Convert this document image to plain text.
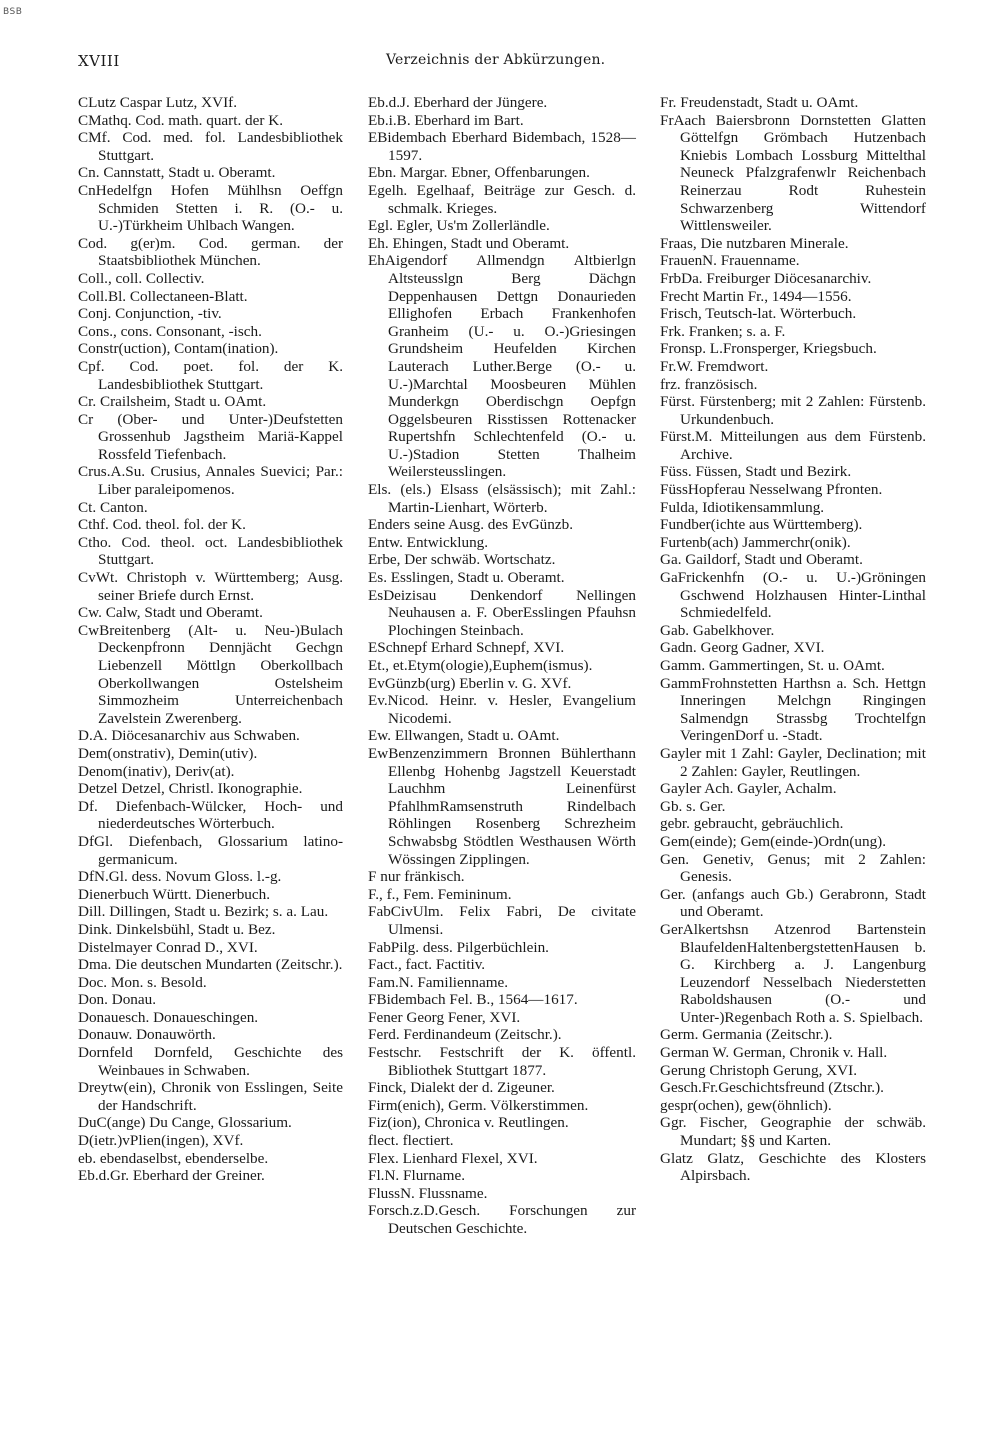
BSB
XVIII	Verzeichnis der Abkürzungen.

CLutz Caspar Lutz, XVIf.

CMathq. Cod. math. quart. der K.

CMf. Cod. med. fol. Landesbibliothek Stuttgart.

Cn. Cannstatt, Stadt u. Oberamt.

CnHedelfgn Hofen Mühlhsn Oeffgn Schmiden Stetten i. R. (O.- u. U.-)Türkheim Uhlbach Wangen.

Cod. g(er)m. Cod. german. der Staatsbibliothek München.

Coll., coll. Collectiv.

Coll.Bl. Collectaneen-Blatt.

Conj. Conjunction, -tiv.

Cons., cons. Consonant, -isch.

Constr(uction), Contam(ination).

Cpf. Cod. poet. fol. der K. Landesbibliothek Stuttgart.

Cr. Crailsheim, Stadt u. OAmt.

Cr (Ober- und Unter-)Deufstetten Grossenhub Jagstheim Mariä-Kappel Rossfeld Tiefenbach.

Crus.A.Su. Crusius, Annales Suevici; Par.: Liber paraleipomenos.

Ct. Canton.

Cthf. Cod. theol. fol. der K.

Ctho. Cod. theol. oct. Landesbibliothek Stuttgart.

CvWt. Christoph v. Württemberg; Ausg. seiner Briefe durch Ernst.

Cw. Calw, Stadt und Oberamt.

CwBreitenberg (Alt- u. Neu-)Bulach Deckenpfronn Dennjächt Gechgn Liebenzell Möttlgn Oberkollbach Oberkollwangen Ostelsheim Simmozheim Unterreichenbach Zavelstein Zwerenberg.

D.A. Diöcesanarchiv aus Schwaben.

Dem(onstrativ), Demin(utiv).

Denom(inativ), Deriv(at).

Detzel Detzel, Christl. Ikonographie.

Df. Diefenbach-Wülcker, Hoch- und niederdeutsches Wörterbuch.

DfGl. Diefenbach, Glossarium latino-germanicum.

DfN.Gl. dess. Novum Gloss. l.-g.

Dienerbuch Württ. Dienerbuch.

Dill. Dillingen, Stadt u. Bezirk; s. a. Lau.

Dink. Dinkelsbühl, Stadt u. Bez.

Distelmayer Conrad D., XVI.

Dma. Die deutschen Mundarten (Zeitschr.).

Doc. Mon. s. Besold.

Don. Donau.

Donauesch. Donaueschingen.

Donauw. Donauwörth.

Dornfeld Dornfeld, Geschichte des Weinbaues in Schwaben.

Dreytw(ein), Chronik von Esslingen, Seite der Handschrift.

DuC(ange) Du Cange, Glossarium.

D(ietr.)vPlien(ingen), XVf.

eb. ebendaselbst, ebenderselbe.

Eb.d.Gr. Eberhard der Greiner.

Eb.d.J. Eberhard der Jüngere.

Eb.i.B. Eberhard im Bart.

EBidembach Eberhard Bidembach, 1528—1597.

Ebn. Margar. Ebner, Offenbarungen.

Egelh. Egelhaaf, Beiträge zur Gesch. d. schmalk. Krieges.

Egl. Egler, Us'm Zollerländle.

Eh. Ehingen, Stadt und Oberamt.

EhAigendorf Allmendgn Altbierlgn Altsteusslgn Berg Dächgn Deppenhausen Dettgn Donaurieden Ellighofen Erbach Frankenhofen Granheim (U.- u. O.-)Griesingen Grundsheim Heufelden Kirchen Lauterach Luther.Berge (O.- u. U.-)Marchtal Moosbeuren Mühlen Munderkgn Oberdischgn Oepfgn Oggelsbeuren Risstissen Rottenacker Rupertshfn Schlechtenfeld (O.- u. U.-)Stadion Stetten Thalheim Weilersteusslingen.

Els. (els.) Elsass (elsässisch); mit Zahl.: Martin-Lienhart, Wörterb.

Enders seine Ausg. des EvGünzb.

Entw. Entwicklung.

Erbe, Der schwäb. Wortschatz.

Es. Esslingen, Stadt u. Oberamt.

EsDeizisau Denkendorf Nellingen Neuhausen a. F. OberEsslingen Pfauhsn Plochingen Steinbach.

ESchnepf Erhard Schnepf, XVI.

Et., et.Etym(ologie),Euphem(ismus).

EvGünzb(urg) Eberlin v. G. XVf.

Ev.Nicod. Heinr. v. Hesler, Evangelium Nicodemi.

Ew. Ellwangen, Stadt u. OAmt.

EwBenzenzimmern Bronnen Bühlerthann Ellenbg Hohenbg Jagstzell Keuerstadt Lauchhm Leinenfürst PfahlhmRamsenstruth Rindelbach Röhlingen Rosenberg Schrezheim Schwabsbg Stödtlen Westhausen Wörth Wössingen Zipplingen.

F nur fränkisch.

F., f., Fem. Femininum.

FabCivUlm. Felix Fabri, De civitate Ulmensi.

FabPilg. dess. Pilgerbüchlein.

Fact., fact. Factitiv.

Fam.N. Familienname.

FBidembach Fel. B., 1564—1617.

Fener Georg Fener, XVI.

Ferd. Ferdinandeum (Zeitschr.).

Festschr. Festschrift der K. öffentl. Bibliothek Stuttgart 1877.

Finck, Dialekt der d. Zigeuner.

Firm(enich), Germ. Völkerstimmen.

Fiz(ion), Chronica v. Reutlingen.

flect. flectiert.

Flex. Lienhard Flexel, XVI.

Fl.N. Flurname.

FlussN. Flussname.

Forsch.z.D.Gesch. Forschungen zur Deutschen Geschichte.

Fr. Freudenstadt, Stadt u. OAmt.

FrAach Baiersbronn Dornstetten Glatten Göttelfgn Grömbach Hutzenbach Kniebis Lombach Lossburg Mittelthal Neuneck Pfalzgrafenwlr Reichenbach Reinerzau Rodt Ruhestein Schwarzenberg Wittendorf Wittlensweiler.

Fraas, Die nutzbaren Minerale.

FrauenN. Frauenname.

FrbDa. Freiburger Diöcesanarchiv.

Frecht Martin Fr., 1494—1556.

Frisch, Teutsch-lat. Wörterbuch.

Frk. Franken; s. a. F.

Fronsp. L.Fronsperger, Kriegsbuch.

Fr.W. Fremdwort.

frz. französisch.

Fürst. Fürstenberg; mit 2 Zahlen: Fürstenb. Urkundenbuch.

Fürst.M. Mitteilungen aus dem Fürstenb. Archive.

Füss. Füssen, Stadt und Bezirk.

FüssHopferau Nesselwang Pfronten.

Fulda, Idiotikensammlung.

Fundber(ichte aus Württemberg).

Furtenb(ach) Jammerchr(onik).

Ga. Gaildorf, Stadt und Oberamt.

GaFrickenhfn (O.- u. U.-)Gröningen Gschwend Holzhausen Hinter-Linthal Schmiedelfeld.

Gab. Gabelkhover.

Gadn. Georg Gadner, XVI.

Gamm. Gammertingen, St. u. OAmt.

GammFrohnstetten Harthsn a. Sch. Hettgn Inneringen Melchgn Ringingen Salmendgn Strassbg Trochtelfgn VeringenDorf u. -Stadt.

Gayler mit 1 Zahl: Gayler, Declination; mit 2 Zahlen: Gayler, Reutlingen.

Gayler Ach. Gayler, Achalm.

Gb. s. Ger.

gebr. gebraucht, gebräuchlich.

Gem(einde); Gem(einde-)Ordn(ung).

Gen. Genetiv, Genus; mit 2 Zahlen: Genesis.

Ger. (anfangs auch Gb.) Gerabronn, Stadt und Oberamt.

GerAlkertshsn Atzenrod Bartenstein BlaufeldenHaltenbergstettenHausen b. G. Kirchberg a. J. Langenburg Leuzendorf Nesselbach Niederstetten Raboldshausen (O.- und Unter-)Regenbach Roth a. S. Spielbach.

Germ. Germania (Zeitschr.).

German W. German, Chronik v. Hall.

Gerung Christoph Gerung, XVI.

Gesch.Fr.Geschichtsfreund (Ztschr.).

gespr(ochen), gew(öhnlich).

Ggr. Fischer, Geographie der schwäb. Mundart; §§ und Karten.

Glatz Glatz, Geschichte des Klosters Alpirsbach.
